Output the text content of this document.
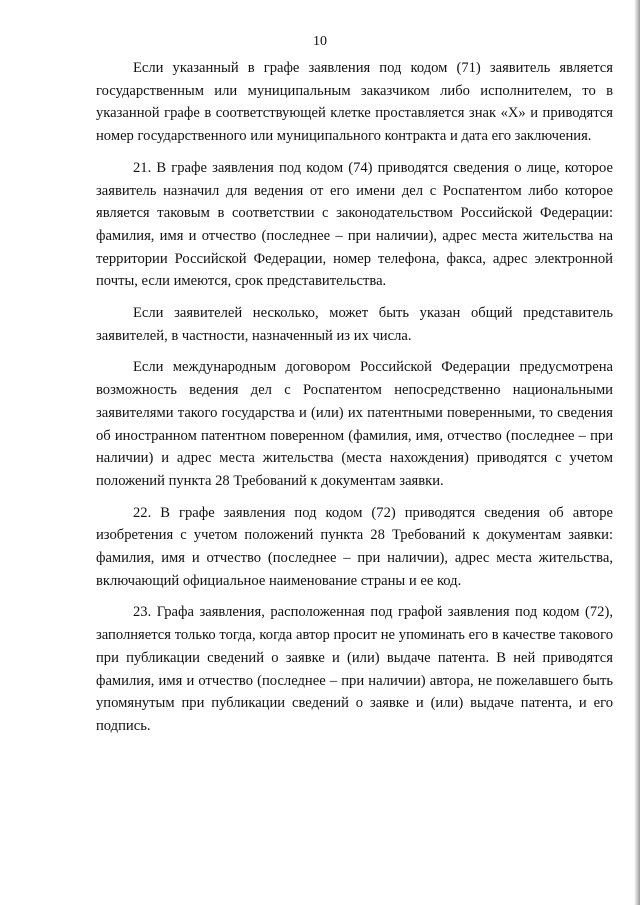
10

Если указанный в графе заявления под кодом (71) заявитель является государственным или муниципальным заказчиком либо исполнителем, то в указанной графе в соответствующей клетке проставляется знак «X» и приводятся номер государственного или муниципального контракта и дата его заключения.

21. В графе заявления под кодом (74) приводятся сведения о лице, которое заявитель назначил для ведения от его имени дел с Роспатентом либо которое является таковым в соответствии с законодательством Российской Федерации: фамилия, имя и отчество (последнее – при наличии), адрес места жительства на территории Российской Федерации, номер телефона, факса, адрес электронной почты, если имеются, срок представительства.

Если заявителей несколько, может быть указан общий представитель заявителей, в частности, назначенный из их числа.

Если международным договором Российской Федерации предусмотрена возможность ведения дел с Роспатентом непосредственно национальными заявителями такого государства и (или) их патентными поверенными, то сведения об иностранном патентном поверенном (фамилия, имя, отчество (последнее – при наличии) и адрес места жительства (места нахождения) приводятся с учетом положений пункта 28 Требований к документам заявки.

22. В графе заявления под кодом (72) приводятся сведения об авторе изобретения с учетом положений пункта 28 Требований к документам заявки: фамилия, имя и отчество (последнее – при наличии), адрес места жительства, включающий официальное наименование страны и ее код.

23. Графа заявления, расположенная под графой заявления под кодом (72), заполняется только тогда, когда автор просит не упоминать его в качестве такового при публикации сведений о заявке и (или) выдаче патента. В ней приводятся фамилия, имя и отчество (последнее – при наличии) автора, не пожелавшего быть упомянутым при публикации сведений о заявке и (или) выдаче патента, и его подпись.
